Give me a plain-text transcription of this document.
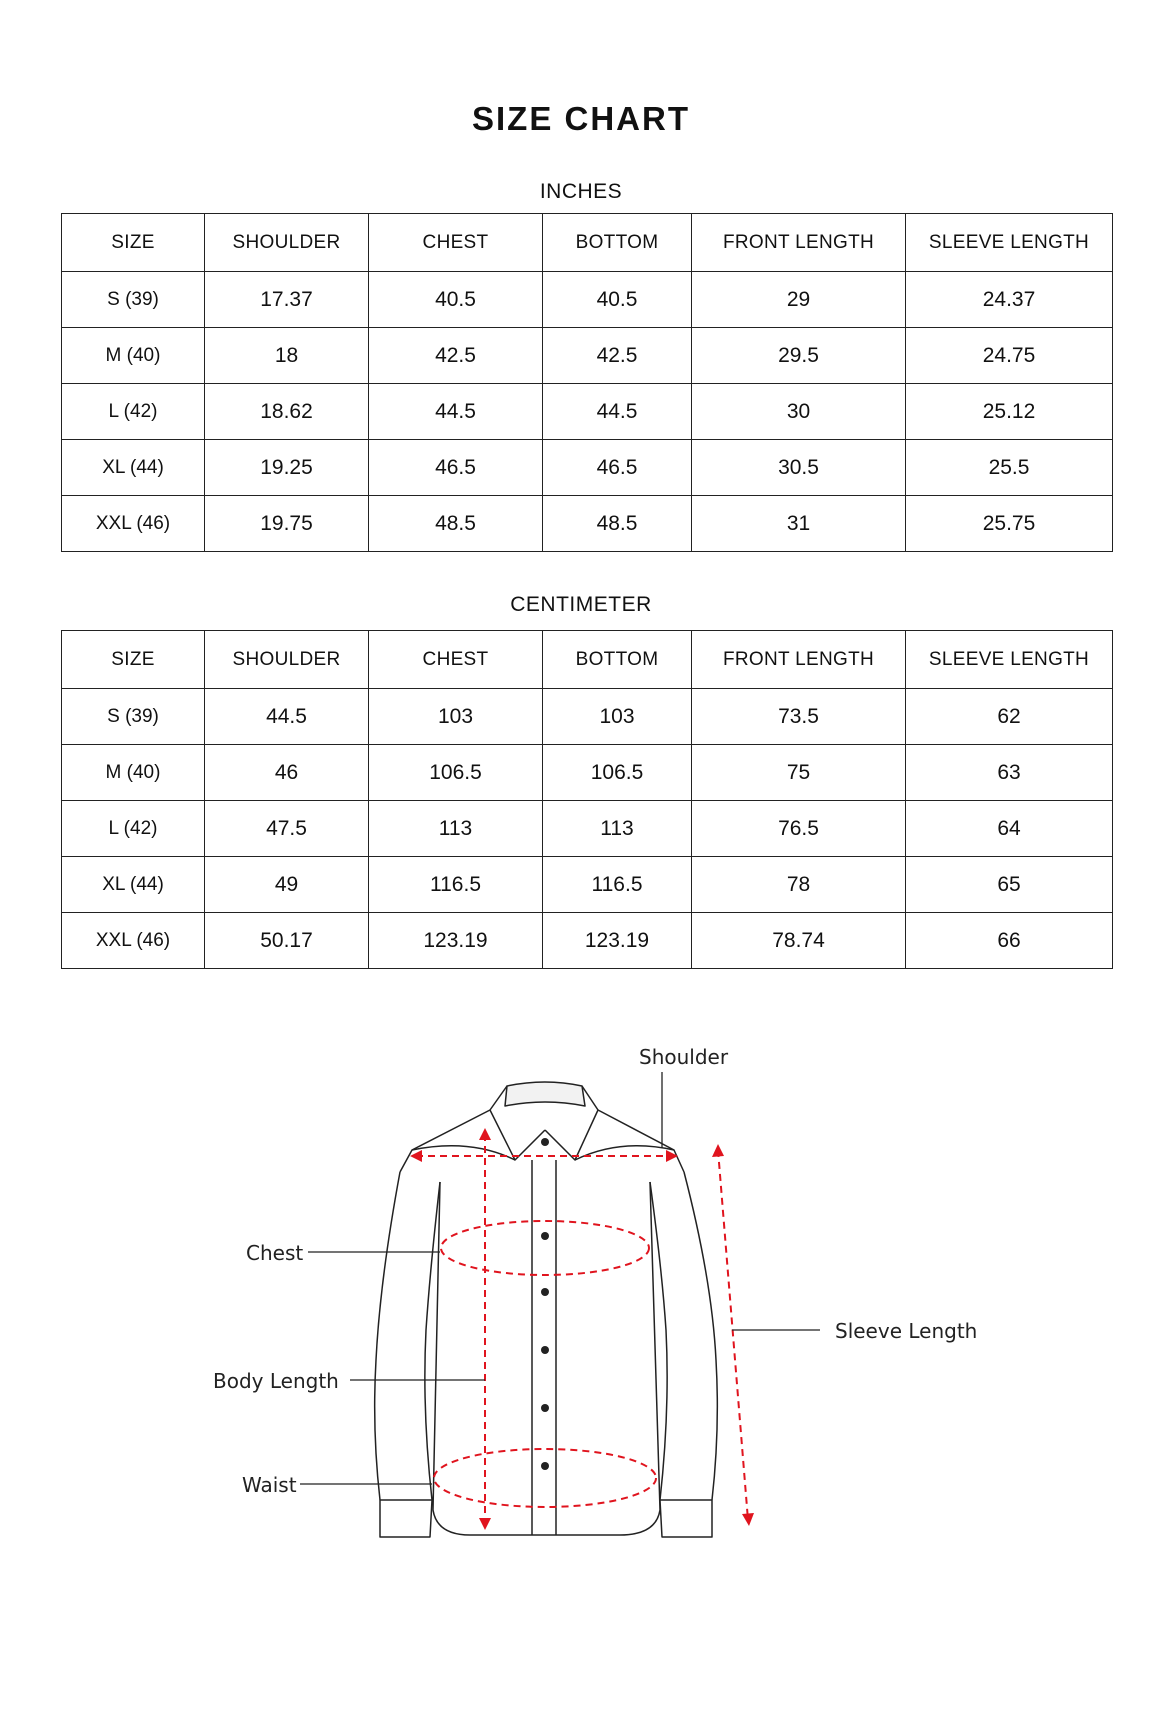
SIZE CHART
INCHES
SIZE	SHOULDER	CHEST	BOTTOM	FRONT LENGTH	SLEEVE LENGTH
S (39)	17.37	40.5	40.5	29	24.37
M (40)	18	42.5	42.5	29.5	24.75
L (42)	18.62	44.5	44.5	30	25.12
XL (44)	19.25	46.5	46.5	30.5	25.5
XXL (46)	19.75	48.5	48.5	31	25.75
CENTIMETER
SIZE	SHOULDER	CHEST	BOTTOM	FRONT LENGTH	SLEEVE LENGTH
S (39)	44.5	103	103	73.5	62
M (40)	46	106.5	106.5	75	63
L (42)	47.5	113	113	76.5	64
XL (44)	49	116.5	116.5	78	65
XXL (46)	50.17	123.19	123.19	78.74	66
Shoulder
Chest
Sleeve Length
Body Length
Waist
